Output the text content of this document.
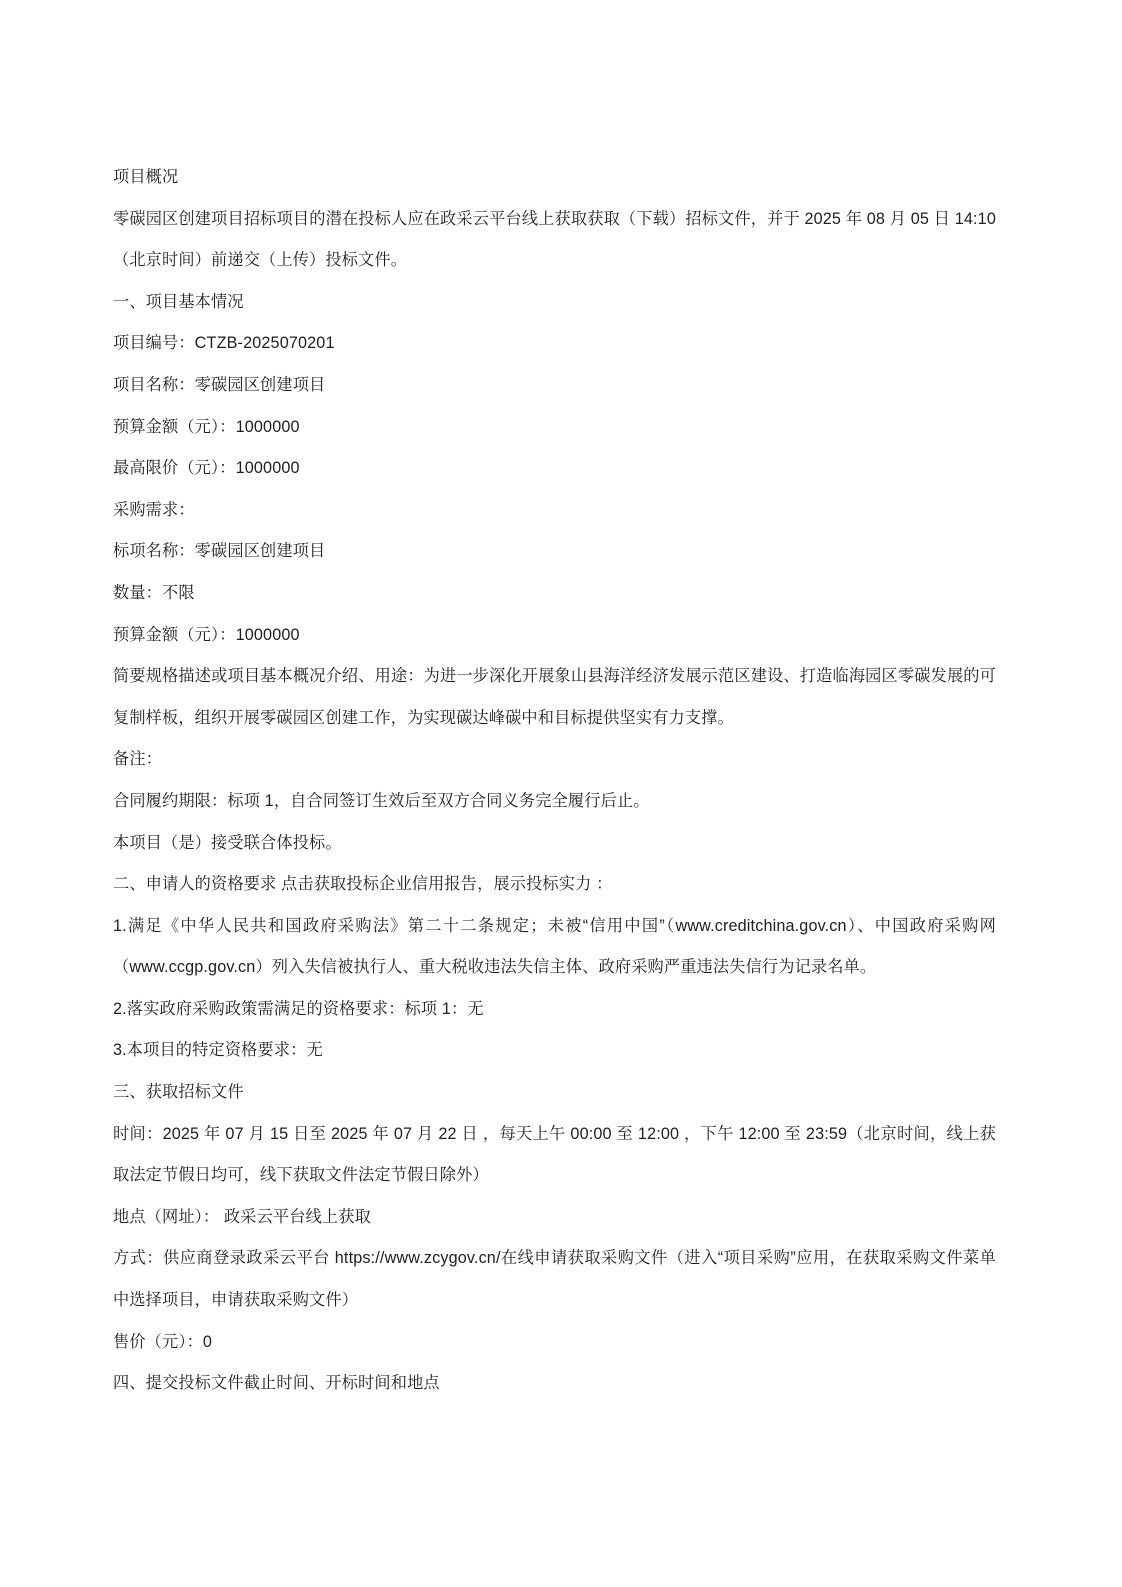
项目概况

零碳园区创建项目招标项目的潜在投标人应在政采云平台线上获取获取（下载）招标文件，并于 2025 年 08 月 05 日 14:10（北京时间）前递交（上传）投标文件。

一、项目基本情况

项目编号：CTZB-2025070201

项目名称：零碳园区创建项目

预算金额（元）：1000000

最高限价（元）：1000000

采购需求：

标项名称：零碳园区创建项目

数量：不限

预算金额（元）：1000000

简要规格描述或项目基本概况介绍、用途：为进一步深化开展象山县海洋经济发展示范区建设、打造临海园区零碳发展的可复制样板，组织开展零碳园区创建工作，为实现碳达峰碳中和目标提供坚实有力支撑。

备注：

合同履约期限：标项 1，自合同签订生效后至双方合同义务完全履行后止。

本项目（是）接受联合体投标。

二、申请人的资格要求 点击获取投标企业信用报告，展示投标实力 ：

1.满足《中华人民共和国政府采购法》第二十二条规定；未被“信用中国”（www.creditchina.gov.cn）、中国政府采购网（www.ccgp.gov.cn）列入失信被执行人、重大税收违法失信主体、政府采购严重违法失信行为记录名单。

2.落实政府采购政策需满足的资格要求：标项 1：无

3.本项目的特定资格要求：无

三、获取招标文件

时间：2025 年 07 月 15 日至 2025 年 07 月 22 日 ，每天上午 00:00 至 12:00 ，下午 12:00 至 23:59（北京时间，线上获取法定节假日均可，线下获取文件法定节假日除外）

地点（网址）： 政采云平台线上获取

方式：供应商登录政采云平台 https://www.zcygov.cn/在线申请获取采购文件（进入“项目采购”应用，在获取采购文件菜单中选择项目，申请获取采购文件）

售价（元）：0

四、提交投标文件截止时间、开标时间和地点
